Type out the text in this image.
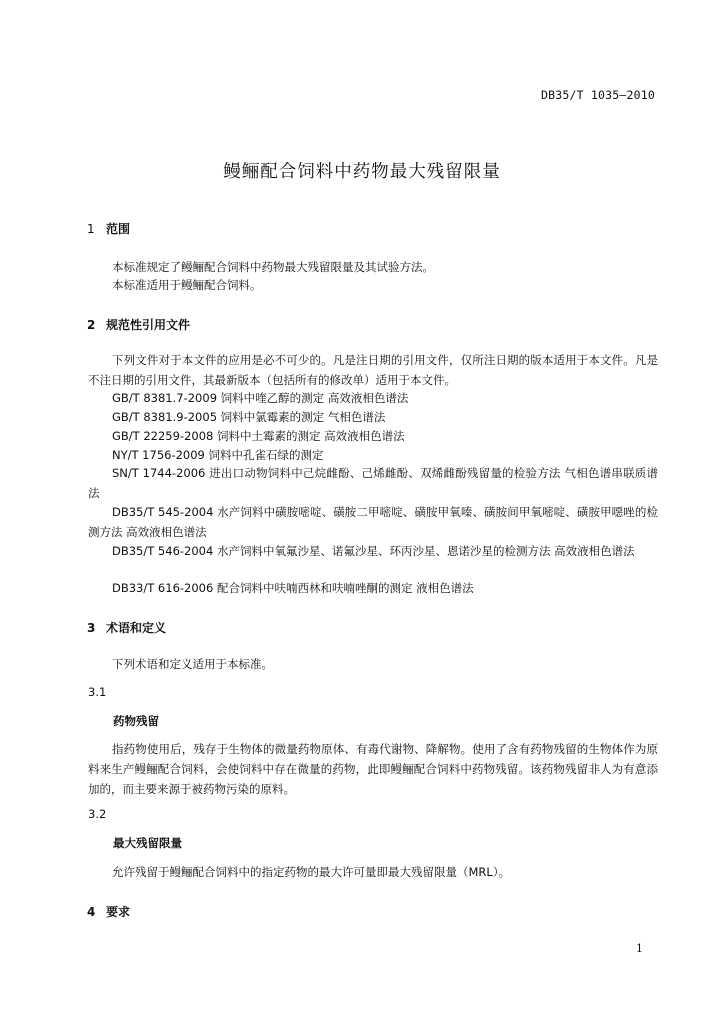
DB35/T 1035—2010
鳗鲡配合饲料中药物最大残留限量
1 范围
本标准规定了鳗鲡配合饲料中药物最大残留限量及其试验方法。
本标准适用于鳗鲡配合饲料。
2 规范性引用文件
下列文件对于本文件的应用是必不可少的。凡是注日期的引用文件，仅所注日期的版本适用于本文件。凡是不注日期的引用文件，其最新版本（包括所有的修改单）适用于本文件。
GB/T 8381.7-2009 饲料中喹乙醇的测定 高效液相色谱法
GB/T 8381.9-2005 饲料中氯霉素的测定 气相色谱法
GB/T 22259-2008 饲料中土霉素的测定 高效液相色谱法
NY/T 1756-2009 饲料中孔雀石绿的测定
SN/T 1744-2006 进出口动物饲料中己烷雌酚、己烯雌酚、双烯雌酚残留量的检验方法 气相色谱串联质谱法
DB35/T 545-2004 水产饲料中磺胺嘧啶、磺胺二甲嘧啶、磺胺甲氧嗪、磺胺间甲氧嘧啶、磺胺甲噁唑的检测方法 高效液相色谱法
DB35/T 546-2004 水产饲料中氧氟沙星、诺氟沙星、环丙沙星、恩诺沙星的检测方法 高效液相色谱法
DB33/T 616-2006 配合饲料中呋喃西林和呋喃唑酮的测定 液相色谱法
3 术语和定义
下列术语和定义适用于本标准。
3.1
药物残留
指药物使用后，残存于生物体的微量药物原体、有毒代谢物、降解物。使用了含有药物残留的生物体作为原料来生产鳗鲡配合饲料，会使饲料中存在微量的药物，此即鳗鲡配合饲料中药物残留。该药物残留非人为有意添加的，而主要来源于被药物污染的原料。
3.2
最大残留限量
允许残留于鳗鲡配合饲料中的指定药物的最大许可量即最大残留限量（MRL）。
4 要求
1
